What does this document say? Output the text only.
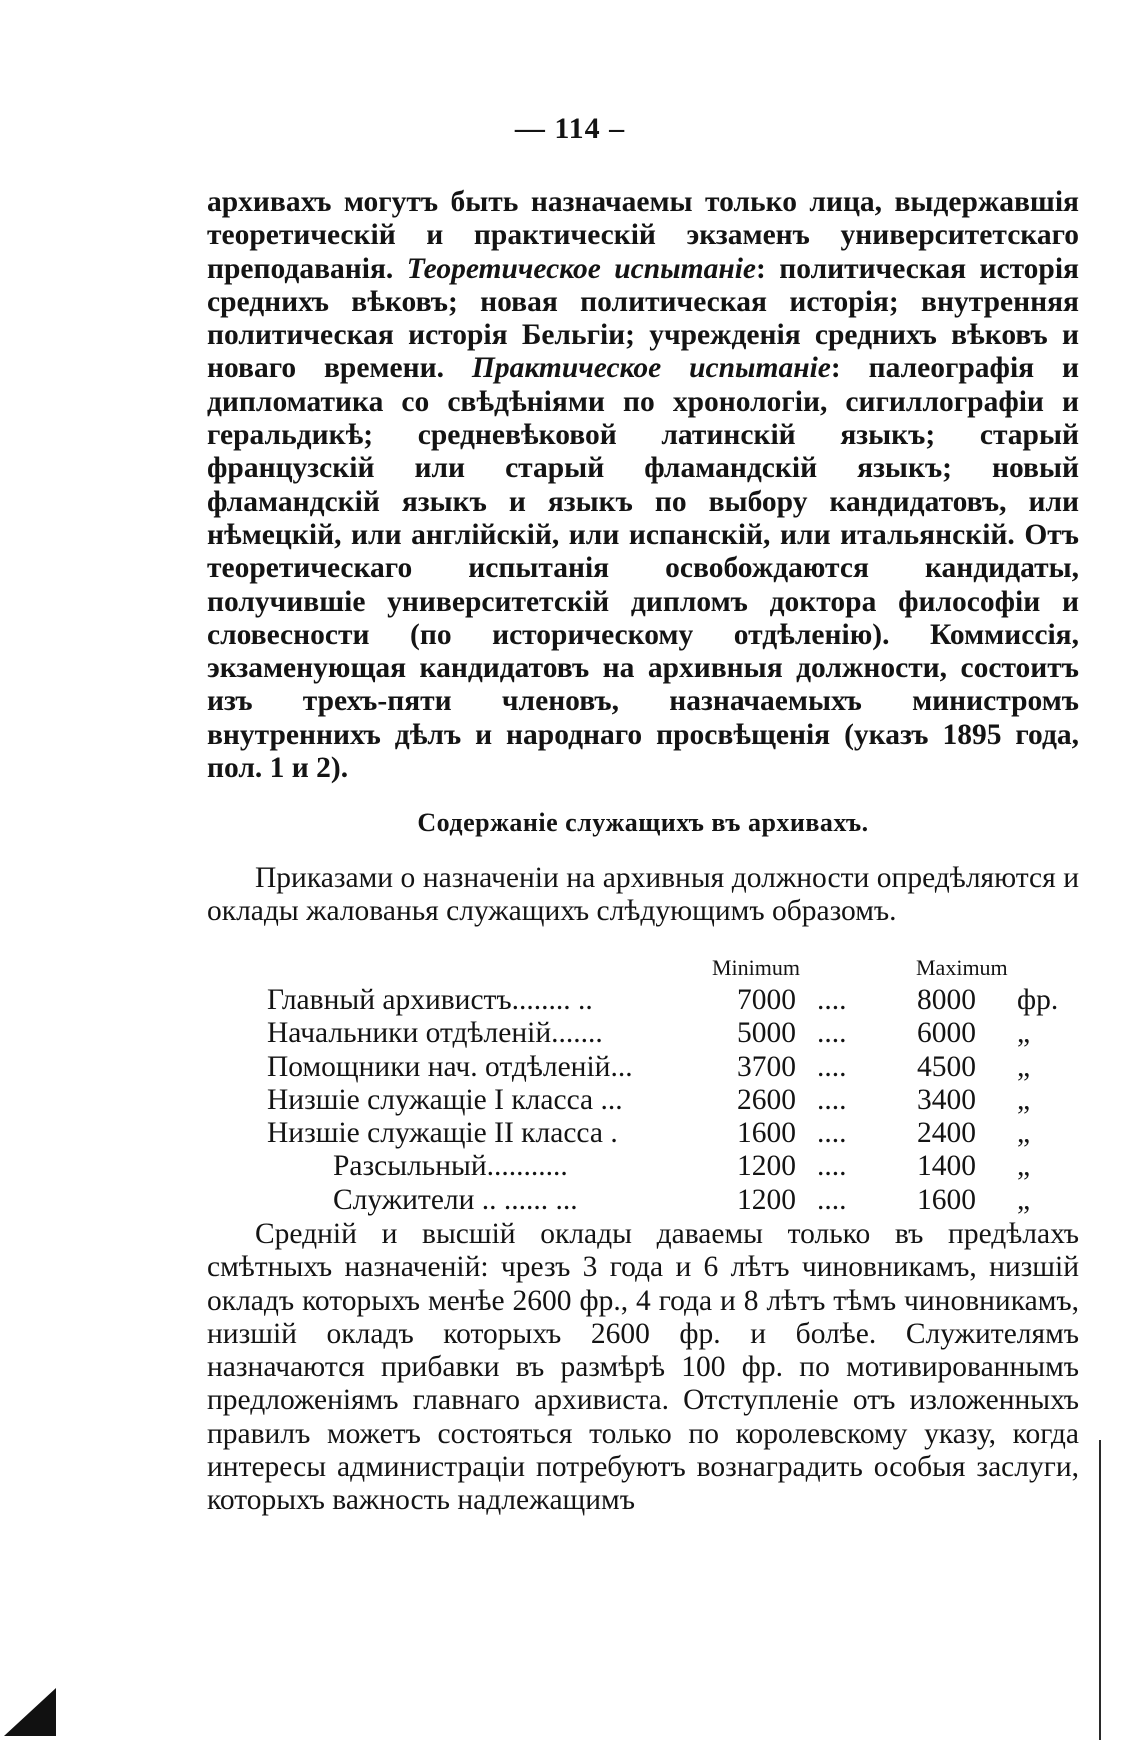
— 114 –
архивахъ могутъ быть назначаемы только лица, выдержавшія теоретическій и практическій экзаменъ университетскаго преподаванія. Теоретическое испытаніе: политическая исторія среднихъ вѣковъ; новая политическая исторія; внутренняя политическая исторія Бельгіи; учрежденія среднихъ вѣковъ и новаго времени. Практическое испытаніе: палеографія и дипломатика со свѣдѣніями по хронологіи, сигиллографіи и геральдикѣ; средневѣковой латинскій языкъ; старый французскій или старый фламандскій языкъ; новый фламандскій языкъ и языкъ по выбору кандидатовъ, или нѣмецкій, или англійскій, или испанскій, или итальянскій. Отъ теоретическаго испытанія освобождаются кандидаты, получившіе университетскій дипломъ доктора философіи и словесности (по историческому отдѣленію). Коммиссія, экзаменующая кандидатовъ на архивныя должности, состоитъ изъ трехъ-пяти членовъ, назначаемыхъ министромъ внутреннихъ дѣлъ и народнаго просвѣщенія (указъ 1895 года, пол. 1 и 2).
Содержаніе служащихъ въ архивахъ.
Приказами о назначеніи на архивныя должности опредѣляются и оклады жалованья служащихъ слѣдующимъ образомъ.
Minimum	Maximum
Главный архивистъ........ ..	7000 .... 8000 фр.
Начальники отдѣленій.......	5000 .... 6000 „
Помощники нач. отдѣленій...	3700 .... 4500 „
Низшіе служащіе I класса ...	2600 .... 3400 „
Низшіе служащіе II класса .	1600 .... 2400 „
Разсыльный...........	1200 .... 1400 „
Служители .. ...... ...	1200 .... 1600 „
Средній и высшій оклады даваемы только въ предѣлахъ смѣтныхъ назначеній: чрезъ 3 года и 6 лѣтъ чиновникамъ, низшій окладъ которыхъ менѣе 2600 фр., 4 года и 8 лѣтъ тѣмъ чиновникамъ, низшій окладъ которыхъ 2600 фр. и болѣе. Служителямъ назначаются прибавки въ размѣрѣ 100 фр. по мотивированнымъ предложеніямъ главнаго архивиста. Отступленіе отъ изложенныхъ правилъ можетъ состояться только по королевскому указу, когда интересы администраціи потребуютъ вознаградить особыя заслуги, которыхъ важность надлежащимъ
